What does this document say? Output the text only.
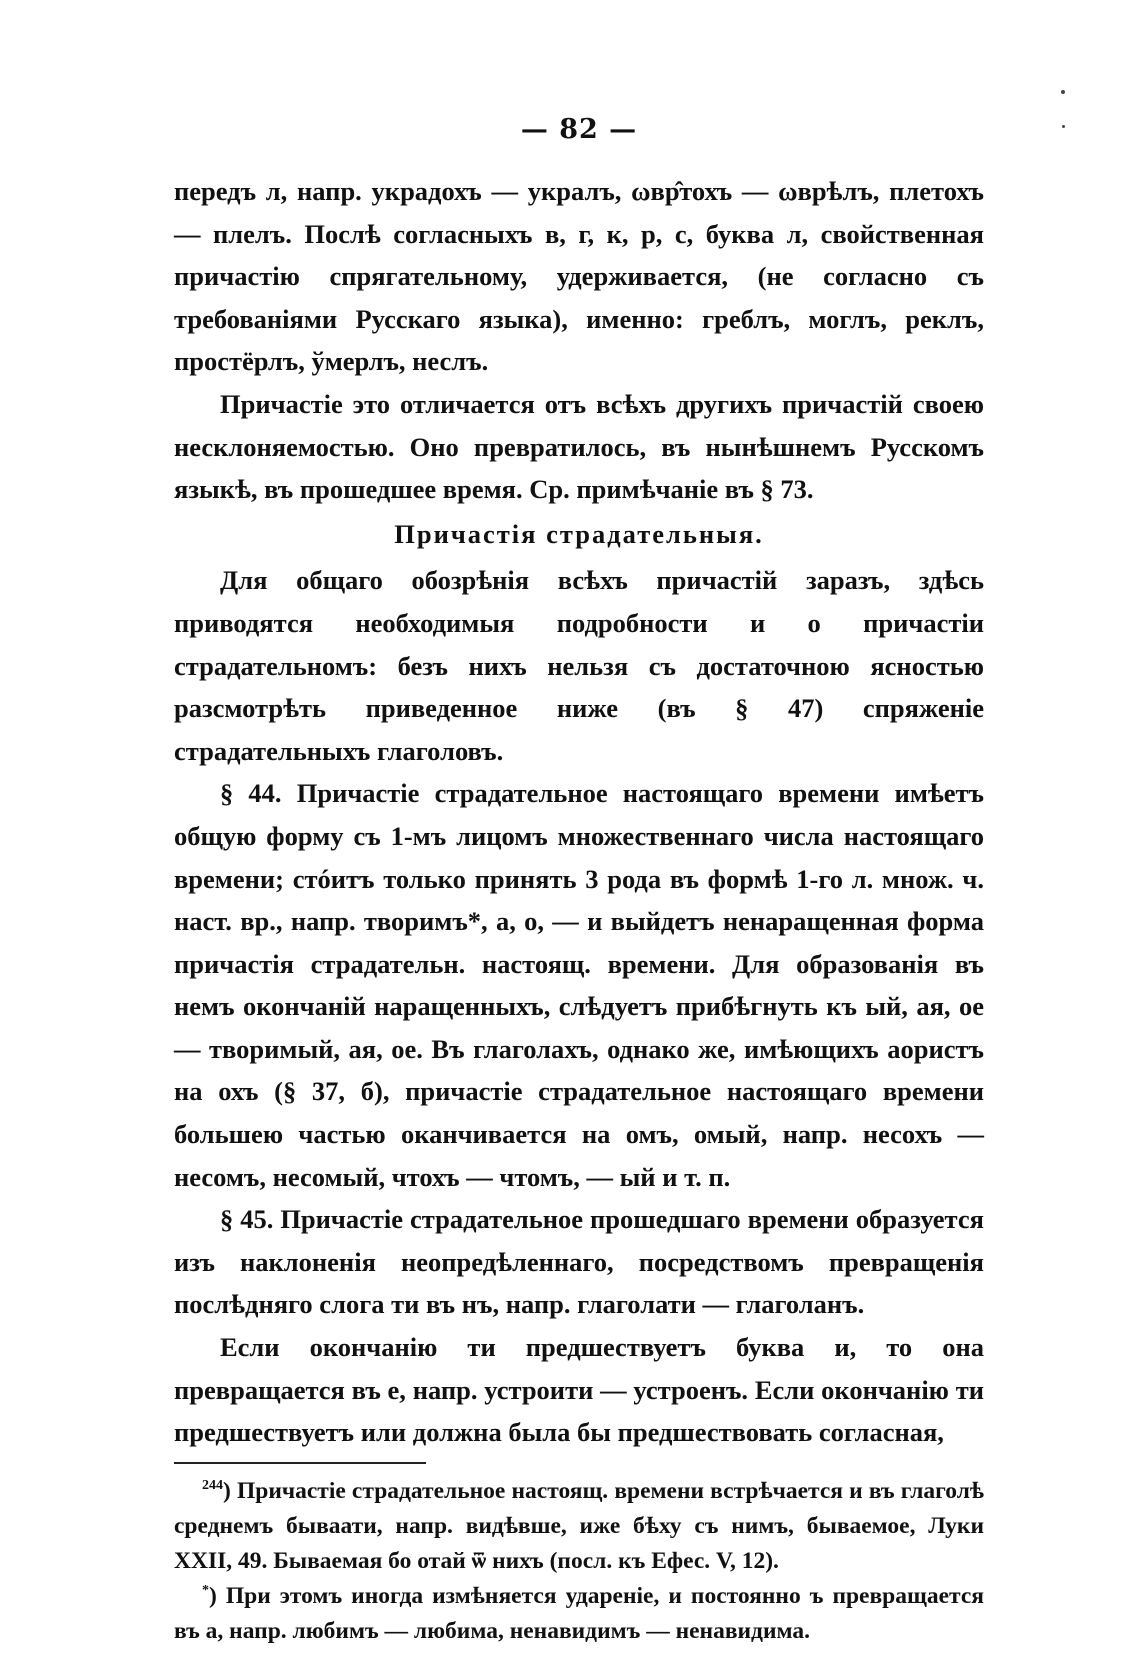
— 82 —

передъ л, напр. украдохъ — укралъ, ωвр̂тохъ — ωврѣлъ, плетохъ — плелъ. Послѣ согласныхъ в, г, к, р, с, буква л, свойственная причастію спрягательному, удерживается, (не согласно съ требованіями Русскаго языка), именно: греблъ, моглъ, реклъ, простёрлъ, ўмерлъ, неслъ.

Причастіе это отличается отъ всѣхъ другихъ причастій своею несклоняемостью. Оно превратилось, въ нынѣшнемъ Русскомъ языкѣ, въ прошедшее время. Ср. примѣчаніе въ § 73.

Причастія страдательныя.

Для общаго обозрѣнія всѣхъ причастій заразъ, здѣсь приводятся необходимыя подробности и о причастіи страдательномъ: безъ нихъ нельзя съ достаточною ясностью разсмотрѣть приведенное ниже (въ § 47) спряженіе страдательныхъ глаголовъ.

§ 44. Причастіе страдательное настоящаго времени имѣетъ общую форму съ 1-мъ лицомъ множественнаго числа настоящаго времени; стóитъ только принять 3 рода въ формѣ 1-го л. множ. ч. наст. вр., напр. творимъ*, а, о, — и выйдетъ ненаращенная форма причастія страдательн. настоящ. времени. Для образованія въ немъ окончаній наращенныхъ, слѣдуетъ прибѣгнуть къ ый, ая, ое — творимый, ая, ое. Въ глаголахъ, однако же, имѣющихъ аористъ на охъ (§ 37, б), причастіе страдательное настоящаго времени большею частью оканчивается на омъ, омый, напр. несохъ — несомъ, несомый, чтохъ — чтомъ, — ый и т. п.

§ 45. Причастіе страдательное прошедшаго времени образуется изъ наклоненія неопредѣленнаго, посредствомъ превращенія послѣдняго слога ти въ нъ, напр. глаголати — глаголанъ.

Если окончанію ти предшествуетъ буква и, то она превращается въ е, напр. устроити — устроенъ. Если окончанію ти предшествуетъ или должна была бы предшествовать согласная,

$^{244}$) Причастіе страдательное настоящ. времени встрѣчается и въ глаголѣ среднемъ бываати, напр. видѣвше, иже бѣху съ нимъ, бываемое, Луки XXII, 49. Бываемая бо отай ѿ нихъ (посл. къ Ефес. V, 12).

*) При этомъ иногда измѣняется удареніе, и постоянно ъ превращается въ а, напр. любимъ — любима, ненавидимъ — ненавидима.
